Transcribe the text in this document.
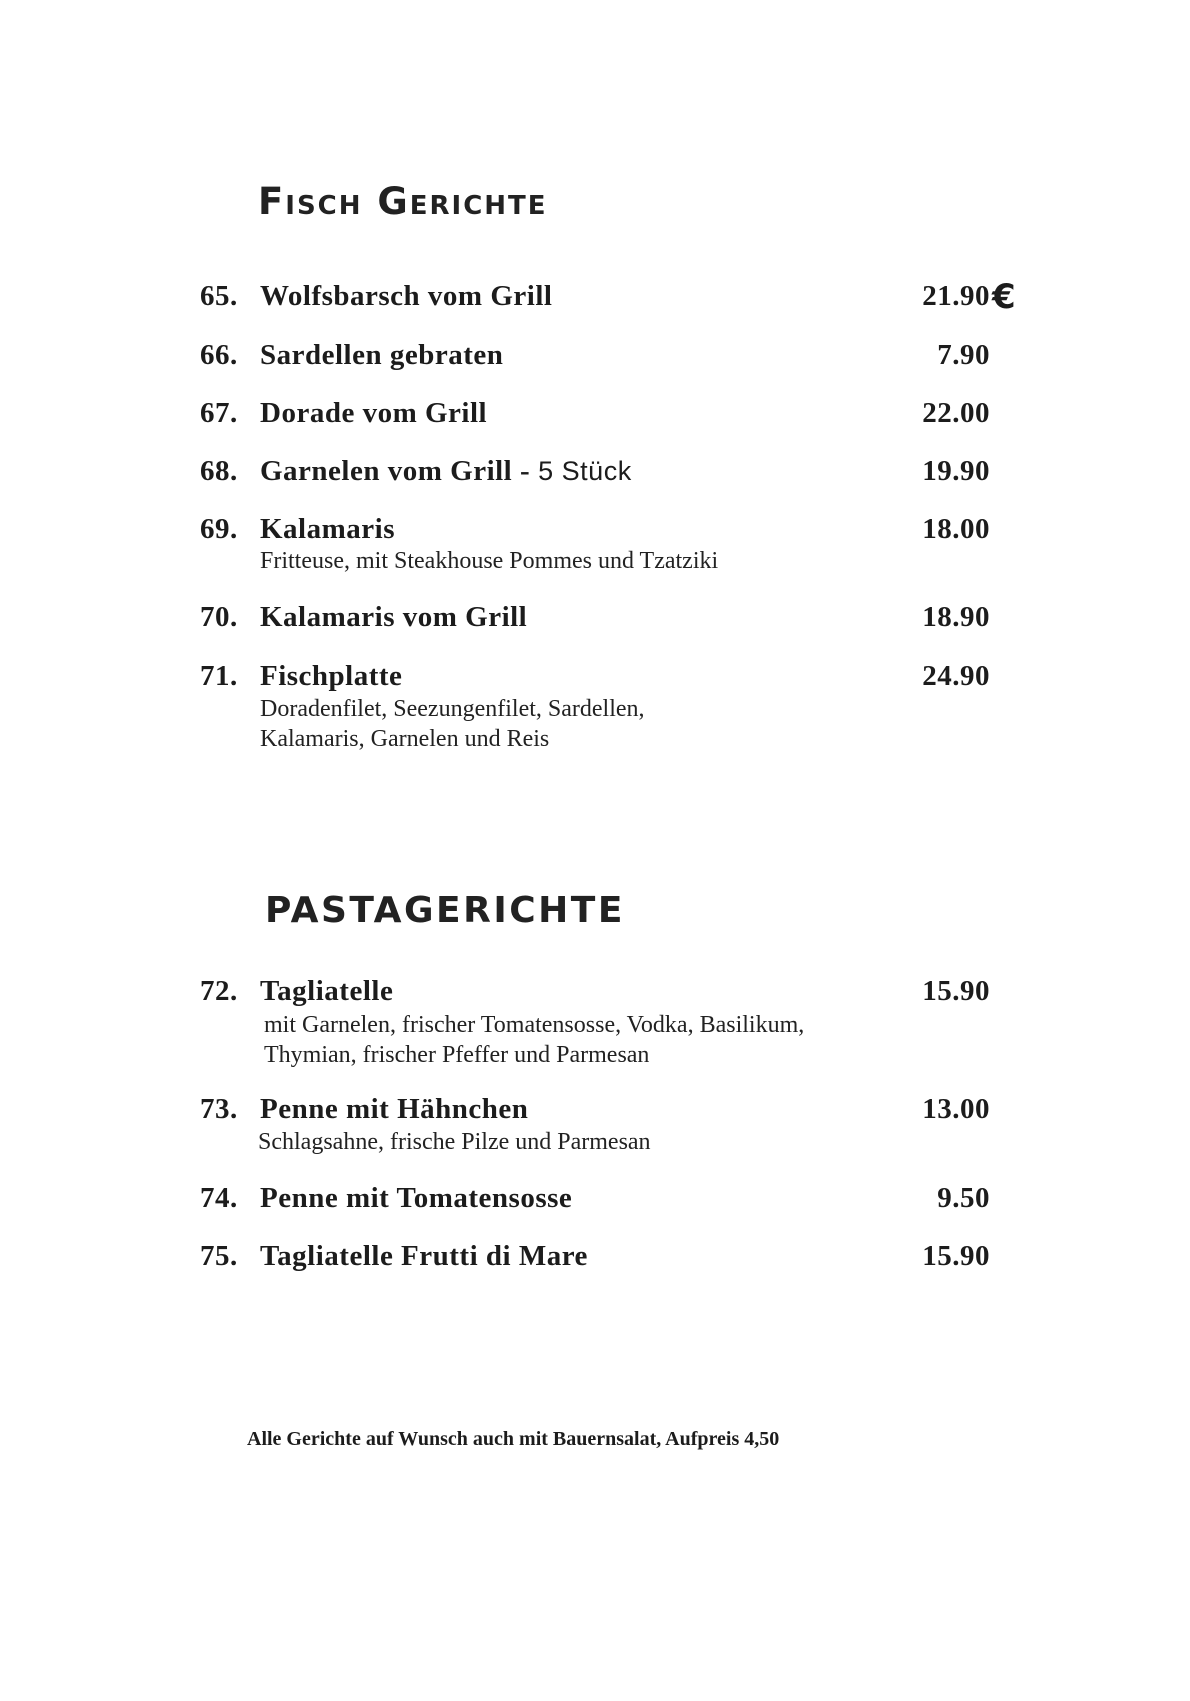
Fisch Gerichte
65. Wolfsbarsch vom Grill	21.90 €
66. Sardellen gebraten	7.90
67. Dorade vom Grill	22.00
68. Garnelen vom Grill - 5 Stück	19.90
69. Kalamaris	18.00
Fritteuse, mit Steakhouse Pommes und Tzatziki
70. Kalamaris vom Grill	18.90
71. Fischplatte	24.90
Doradenfilet, Seezungenfilet, Sardellen,
Kalamaris, Garnelen und Reis
PASTAGERICHTE
72. Tagliatelle	15.90
mit Garnelen, frischer Tomatensosse, Vodka, Basilikum,
Thymian, frischer Pfeffer und Parmesan
73. Penne mit Hähnchen	13.00
Schlagsahne, frische Pilze und Parmesan
74. Penne mit Tomatensosse	9.50
75. Tagliatelle Frutti di Mare	15.90
Alle Gerichte auf Wunsch auch mit Bauernsalat, Aufpreis 4,50
